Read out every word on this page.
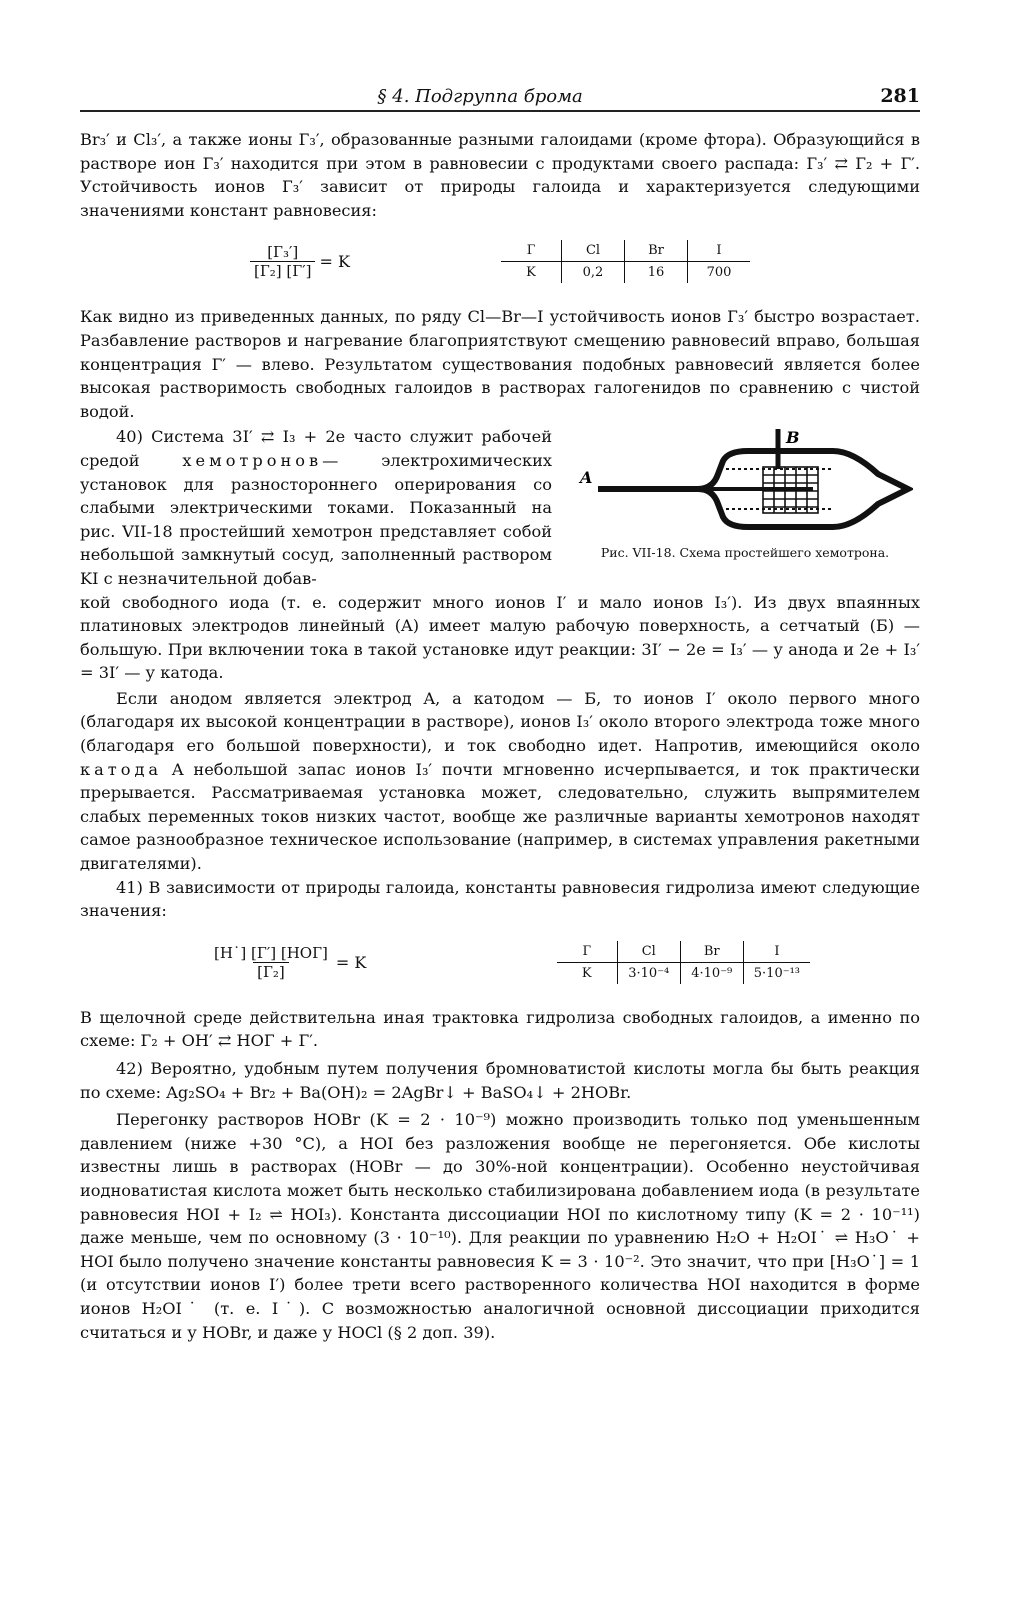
§ 4. Подгруппа брома	281

Br₃′ и Cl₃′, а также ионы Г₃′, образованные разными галоидами (кроме фтора). Образующийся в растворе ион Г₃′ находится при этом в равновесии с продуктами своего распада: Г₃′ ⇄ Г₂ + Г′. Устойчивость ионов Г₃′ зависит от природы галоида и характеризуется следующими значениями констант равновесия:

$\frac{\text{[Г₃′]}}{\text{[Г₂] [Г′]}} = K$
Г	Cl	Br	I
K	0,2	16	700

Как видно из приведенных данных, по ряду Cl—Br—I устойчивость ионов Г₃′ быстро возрастает. Разбавление растворов и нагревание благоприятствуют смещению равновесий вправо, большая концентрация Г′ — влево. Результатом существования подобных равновесий является более высокая растворимость свободных галоидов в растворах галогенидов по сравнению с чистой водой.

40) Система 3I′ ⇄ I₃ + 2e часто служит рабочей средой	хемотронов— электрохимических установок для разностороннего оперирования со слабыми электрическими токами. Показанный на рис. VII-18 простейший хемотрон представляет собой небольшой замкнутый сосуд, заполненный раствором KI с незначительной добав-

A
B
Рис. VII-18. Схема простейшего хемотрона.

кой свободного иода (т. е. содержит много ионов I′ и мало ионов I₃′). Из двух впаянных платиновых электродов линейный (A) имеет малую рабочую поверхность, а сетчатый (Б) — большую. При включении тока в такой установке идут реакции: 3I′ − 2e = I₃′ — у анода и 2e + I₃′ = 3I′ — у катода.

Если анодом является электрод A, а катодом — Б, то ионов I′ около первого много (благодаря их высокой концентрации в растворе), ионов I₃′ около второго электрода тоже много (благодаря его большой поверхности), и ток свободно идет. Напротив, имеющийся около катода A небольшой запас ионов I₃′ почти мгновенно исчерпывается, и ток практически прерывается. Рассматриваемая установка может, следовательно, служить выпрямителем слабых переменных токов низких частот, вообще же различные варианты хемотронов находят самое разнообразное техническое использование (например, в системах управления ракетными двигателями).

41) В зависимости от природы галоида, константы равновесия гидролиза имеют следующие значения:

$\frac{\text{[H˙] [Г′] [HOГ]}}{\text{[Г₂]}} = K$
Г	Cl	Br	I
K	3·10⁻⁴	4·10⁻⁹	5·10⁻¹³

В щелочной среде действительна иная трактовка гидролиза свободных галоидов, а именно по схеме: Г₂ + OH′ ⇄ HOГ + Г′.

42) Вероятно, удобным путем получения бромноватистой кислоты могла бы быть реакция по схеме: Ag₂SO₄ + Br₂ + Ba(OH)₂ = 2AgBr↓ + BaSO₄↓ + 2HOBr.

Перегонку растворов HOBr (K = 2 · 10⁻⁹) можно производить только под уменьшенным давлением (ниже +30 °C), а HOI без разложения вообще не перегоняется. Обе кислоты известны лишь в растворах (HOBr — до 30%-ной концентрации). Особенно неустойчивая иодноватистая кислота может быть несколько стабилизирована добавлением иода (в результате равновесия HOI + I₂ ⇌ HOI₃). Константа диссоциации HOI по кислотному типу (K = 2 · 10⁻¹¹) даже меньше, чем по основному (3 · 10⁻¹⁰). Для реакции по уравнению H₂O + H₂OI˙ ⇌ H₃O˙ + HOI было получено значение константы равновесия K = 3 · 10⁻². Это значит, что при [H₃O˙] = 1 (и отсутствии ионов I′) более трети всего растворенного количества HOI находится в форме ионов H₂OI˙ (т. е. I˙). С возможностью аналогичной основной диссоциации приходится считаться и у HOBr, и даже у HOCl (§ 2 доп. 39).
